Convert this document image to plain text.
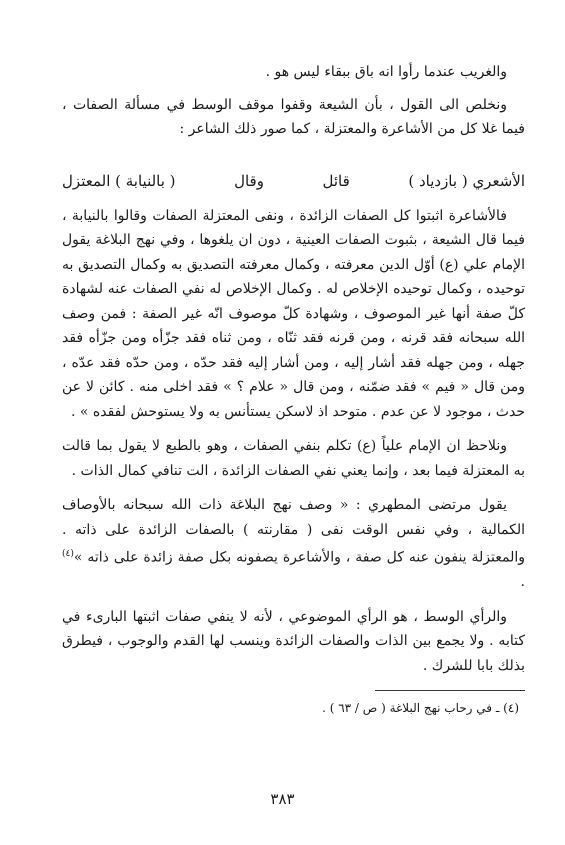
والغريب عندما رأوا انه باق ببقاء ليس هو .

ونخلص الى القول ، بأن الشيعة وقفوا موقف الوسط في مسألة الصفات ، فيما غلا كل من الأشاعرة والمعتزلة ، كما صور ذلك الشاعر :

الأشعري ( بازدياد )
قائل
وقال
( بالنيابة ) المعتزل

فالأشاعرة اثبتوا كل الصفات الزائدة ، ونفى المعتزلة الصفات وقالوا بالنيابة ، فيما قال الشيعة ، بثبوت الصفات العينية ، دون ان يلغوها ، وفي نهج البلاغة يقول الإمام علي (ع) أوّل الدين معرفته ، وكمال معرفته التصديق به وكمال التصديق به توحيده ، وكمال توحيده الإخلاص له . وكمال الإخلاص له نفي الصفات عنه لشهادة كلّ صفة أنها غير الموصوف ، وشهادة كلّ موصوف انّه غير الصفة : فمن وصف الله سبحانه فقد قرنه ، ومن قرنه فقد ثنّاه ، ومن ثناه فقد جزّأه ومن جزّأه فقد جهله ، ومن جهله فقد أشار إليه ، ومن أشار إليه فقد حدّه ، ومن حدّه فقد عدّه ، ومن قال « فيم » فقد ضمّنه ، ومن قال « علام ؟ » فقد اخلى منه . كائن لا عن حدث ، موجود لا عن عدم . متوحد اذ لاسكن يستأنس به ولا يستوحش لفقده » .

ونلاحظ ان الإمام علياً (ع) تكلم بنفي الصفات ، وهو بالطبع لا يقول بما قالت به المعتزلة فيما بعد ، وإنما يعني نفي الصفات الزائدة ، الت تنافي كمال الذات .

يقول مرتضى المطهري : « وصف نهج البلاغة ذات الله سبحانه بالأوصاف الكمالية ، وفي نفس الوقت نفى ( مقارنته ) بالصفات الزائدة على ذاته . والمعتزلة ينفون عنه كل صفة ، والأشاعرة يصفونه بكل صفة زائدة على ذاته »$^{(٤)}$ .

والرأي الوسط ، هو الرأي الموضوعي ، لأنه لا ينفي صفات اثبتها البارىء في كتابه . ولا يجمع بين الذات والصفات الزائدة وينسب لها القدم والوجوب ، فيطرق بذلك بابا للشرك .

(٤) ـ في رحاب نهج البلاغة ( ص / ٦٣ ) .

٣٨٣
